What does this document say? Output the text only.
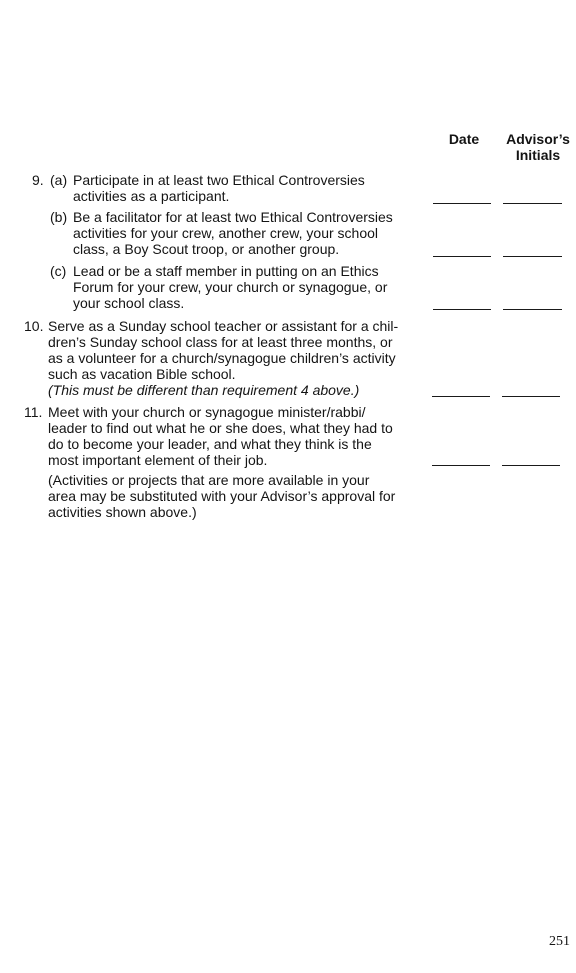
Date	Advisor’s
Initials
9. (a) Participate in at least two Ethical Controversies
activities as a participant.
(b) Be a facilitator for at least two Ethical Controversies
activities for your crew, another crew, your school
class, a Boy Scout troop, or another group.
(c) Lead or be a staff member in putting on an Ethics
Forum for your crew, your church or synagogue, or
your school class.
10. Serve as a Sunday school teacher or assistant for a chil-
dren’s Sunday school class for at least three months, or
as a volunteer for a church/synagogue children’s activity
such as vacation Bible school.
(This must be different than requirement 4 above.)
11. Meet with your church or synagogue minister/rabbi/
leader to find out what he or she does, what they had to
do to become your leader, and what they think is the
most important element of their job.
(Activities or projects that are more available in your
area may be substituted with your Advisor’s approval for
activities shown above.)
251
